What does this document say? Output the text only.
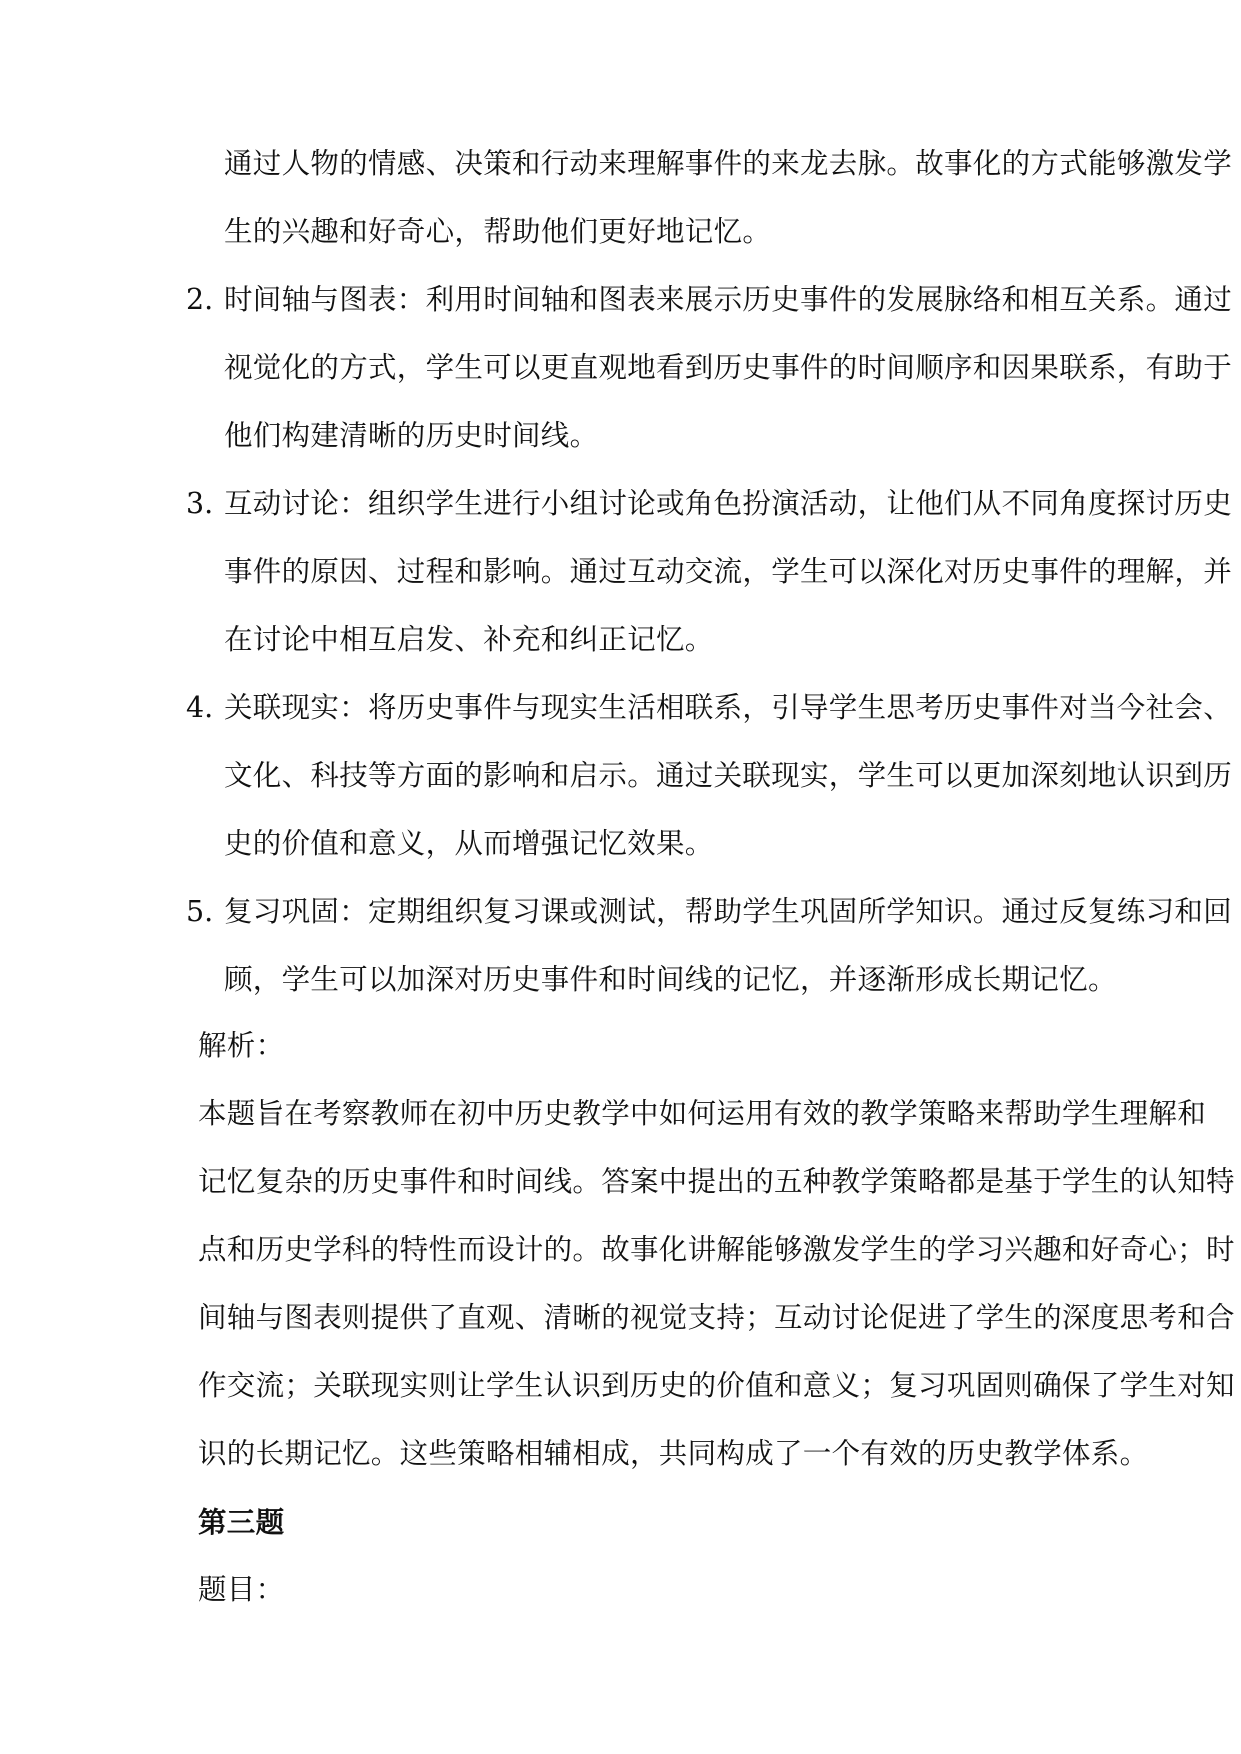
通过人物的情感、决策和行动来理解事件的来龙去脉。故事化的方式能够激发学
生的兴趣和好奇心，帮助他们更好地记忆。
2. 时间轴与图表：利用时间轴和图表来展示历史事件的发展脉络和相互关系。通过
视觉化的方式，学生可以更直观地看到历史事件的时间顺序和因果联系，有助于
他们构建清晰的历史时间线。
3. 互动讨论：组织学生进行小组讨论或角色扮演活动，让他们从不同角度探讨历史
事件的原因、过程和影响。通过互动交流，学生可以深化对历史事件的理解，并
在讨论中相互启发、补充和纠正记忆。
4. 关联现实：将历史事件与现实生活相联系，引导学生思考历史事件对当今社会、
文化、科技等方面的影响和启示。通过关联现实，学生可以更加深刻地认识到历
史的价值和意义，从而增强记忆效果。
5. 复习巩固：定期组织复习课或测试，帮助学生巩固所学知识。通过反复练习和回
顾，学生可以加深对历史事件和时间线的记忆，并逐渐形成长期记忆。
解析：
本题旨在考察教师在初中历史教学中如何运用有效的教学策略来帮助学生理解和
记忆复杂的历史事件和时间线。答案中提出的五种教学策略都是基于学生的认知特
点和历史学科的特性而设计的。故事化讲解能够激发学生的学习兴趣和好奇心；时
间轴与图表则提供了直观、清晰的视觉支持；互动讨论促进了学生的深度思考和合
作交流；关联现实则让学生认识到历史的价值和意义；复习巩固则确保了学生对知
识的长期记忆。这些策略相辅相成，共同构成了一个有效的历史教学体系。
第三题
题目：
